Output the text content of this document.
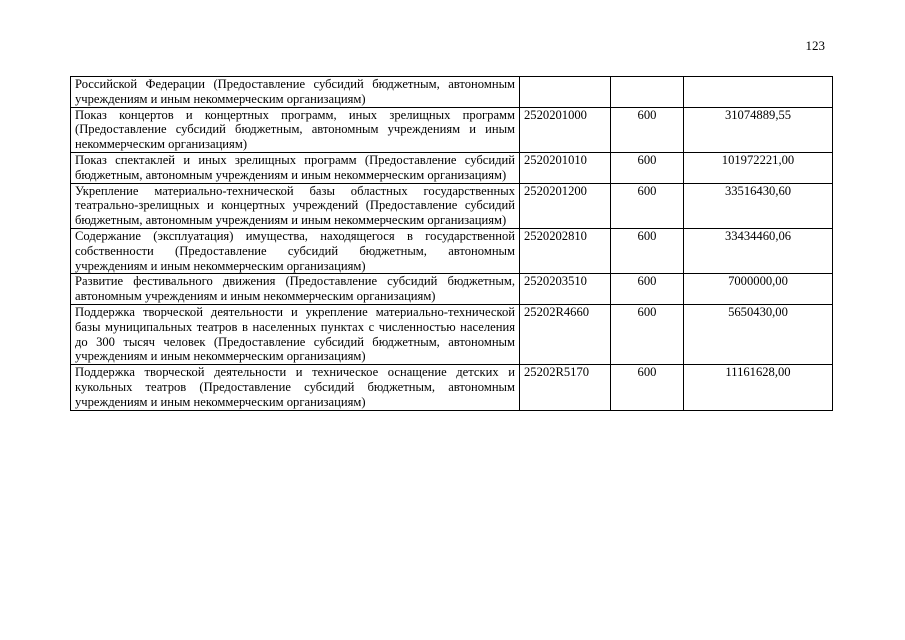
123
Российской Федерации (Предоставление субсидий бюджетным, автономным учреждениям и иным некоммерческим организациям)			
Показ концертов и концертных программ, иных зрелищных программ (Предоставление субсидий бюджетным, автономным учреждениям и иным некоммерческим организациям)	2520201000	600	31074889,55
Показ спектаклей и иных зрелищных программ (Предоставление субсидий бюджетным, автономным учреждениям и иным некоммерческим организациям)	2520201010	600	101972221,00
Укрепление материально-технической базы областных государственных театрально-зрелищных и концертных учреждений (Предоставление субсидий бюджетным, автономным учреждениям и иным некоммерческим организациям)	2520201200	600	33516430,60
Содержание (эксплуатация) имущества, находящегося в государственной собственности (Предоставление субсидий бюджетным, автономным учреждениям и иным некоммерческим организациям)	2520202810	600	33434460,06
Развитие фестивального движения (Предоставление субсидий бюджетным, автономным учреждениям и иным некоммерческим организациям)	2520203510	600	7000000,00
Поддержка творческой деятельности и укрепление материально-технической базы муниципальных театров в населенных пунктах с численностью населения до 300 тысяч человек (Предоставление субсидий бюджетным, автономным учреждениям и иным некоммерческим организациям)	25202R4660	600	5650430,00
Поддержка творческой деятельности и техническое оснащение детских и кукольных театров (Предоставление субсидий бюджетным, автономным учреждениям и иным некоммерческим организациям)	25202R5170	600	11161628,00
